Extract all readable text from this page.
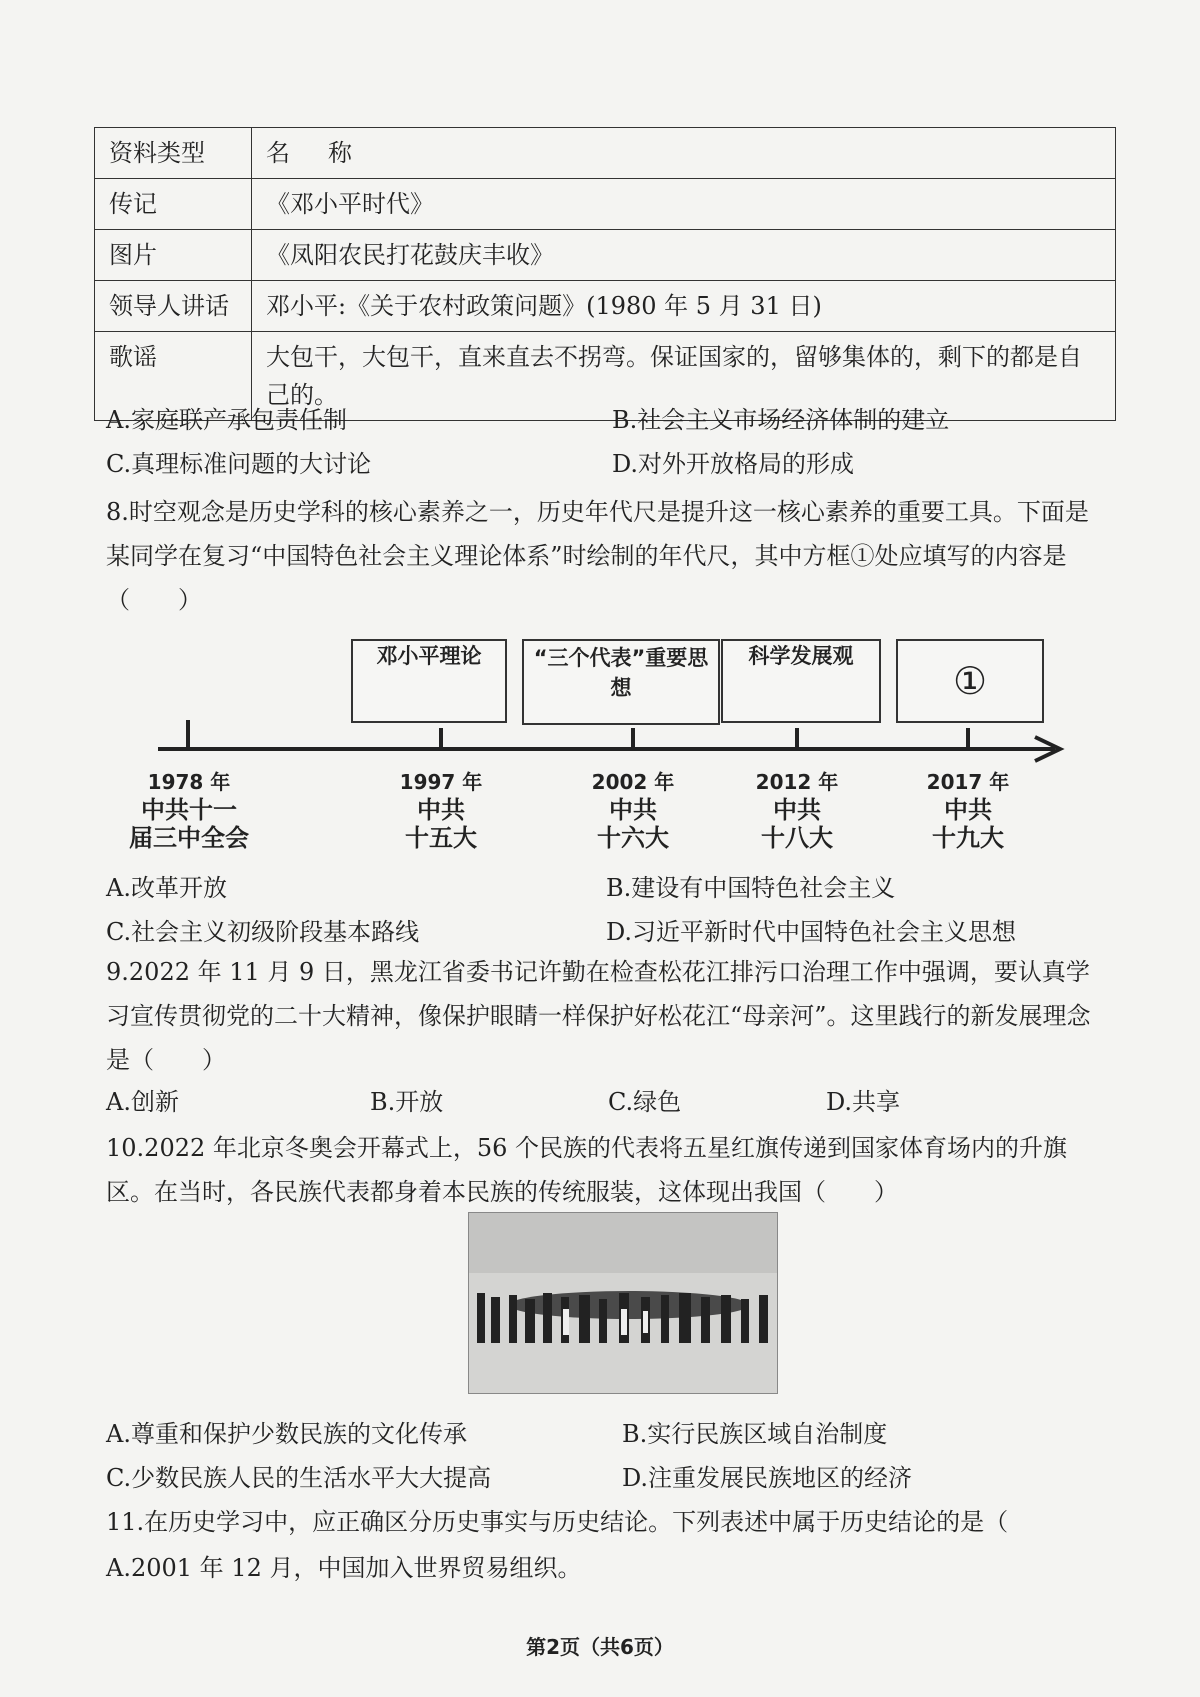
资料类型	名称
传记	《邓小平时代》
图片	《凤阳农民打花鼓庆丰收》
领导人讲话	邓小平:《关于农村政策问题》(1980 年 5 月 31 日)
歌谣	大包干，大包干，直来直去不拐弯。保证国家的，留够集体的，剩下的都是自己的。
A.家庭联产承包责任制	B.社会主义市场经济体制的建立
C.真理标准问题的大讨论	D.对外开放格局的形成
8.时空观念是历史学科的核心素养之一，历史年代尺是提升这一核心素养的重要工具。下面是某同学在复习“中国特色社会主义理论体系”时绘制的年代尺，其中方框①处应填写的内容是（　　）
邓小平理论	“三个代表”重要思想
科学发展观
①
1978 年
中共十一
届三中全会
1997 年
中共
十五大
2002 年
中共
十六大
2012 年
中共
十八大
2017 年
中共
十九大
A.改革开放	B.建设有中国特色社会主义
C.社会主义初级阶段基本路线	D.习近平新时代中国特色社会主义思想
9.2022 年 11 月 9 日，黑龙江省委书记许勤在检查松花江排污口治理工作中强调，要认真学习宣传贯彻党的二十大精神，像保护眼睛一样保护好松花江“母亲河”。这里践行的新发展理念是（　　）
A.创新	B.开放	C.绿色	D.共享
10.2022 年北京冬奥会开幕式上，56 个民族的代表将五星红旗传递到国家体育场内的升旗区。在当时，各民族代表都身着本民族的传统服装，这体现出我国（　　）
A.尊重和保护少数民族的文化传承	B.实行民族区域自治制度
C.少数民族人民的生活水平大大提高	D.注重发展民族地区的经济
11.在历史学习中，应正确区分历史事实与历史结论。下列表述中属于历史结论的是（
A.2001 年 12 月，中国加入世界贸易组织。
第2页（共6页）
